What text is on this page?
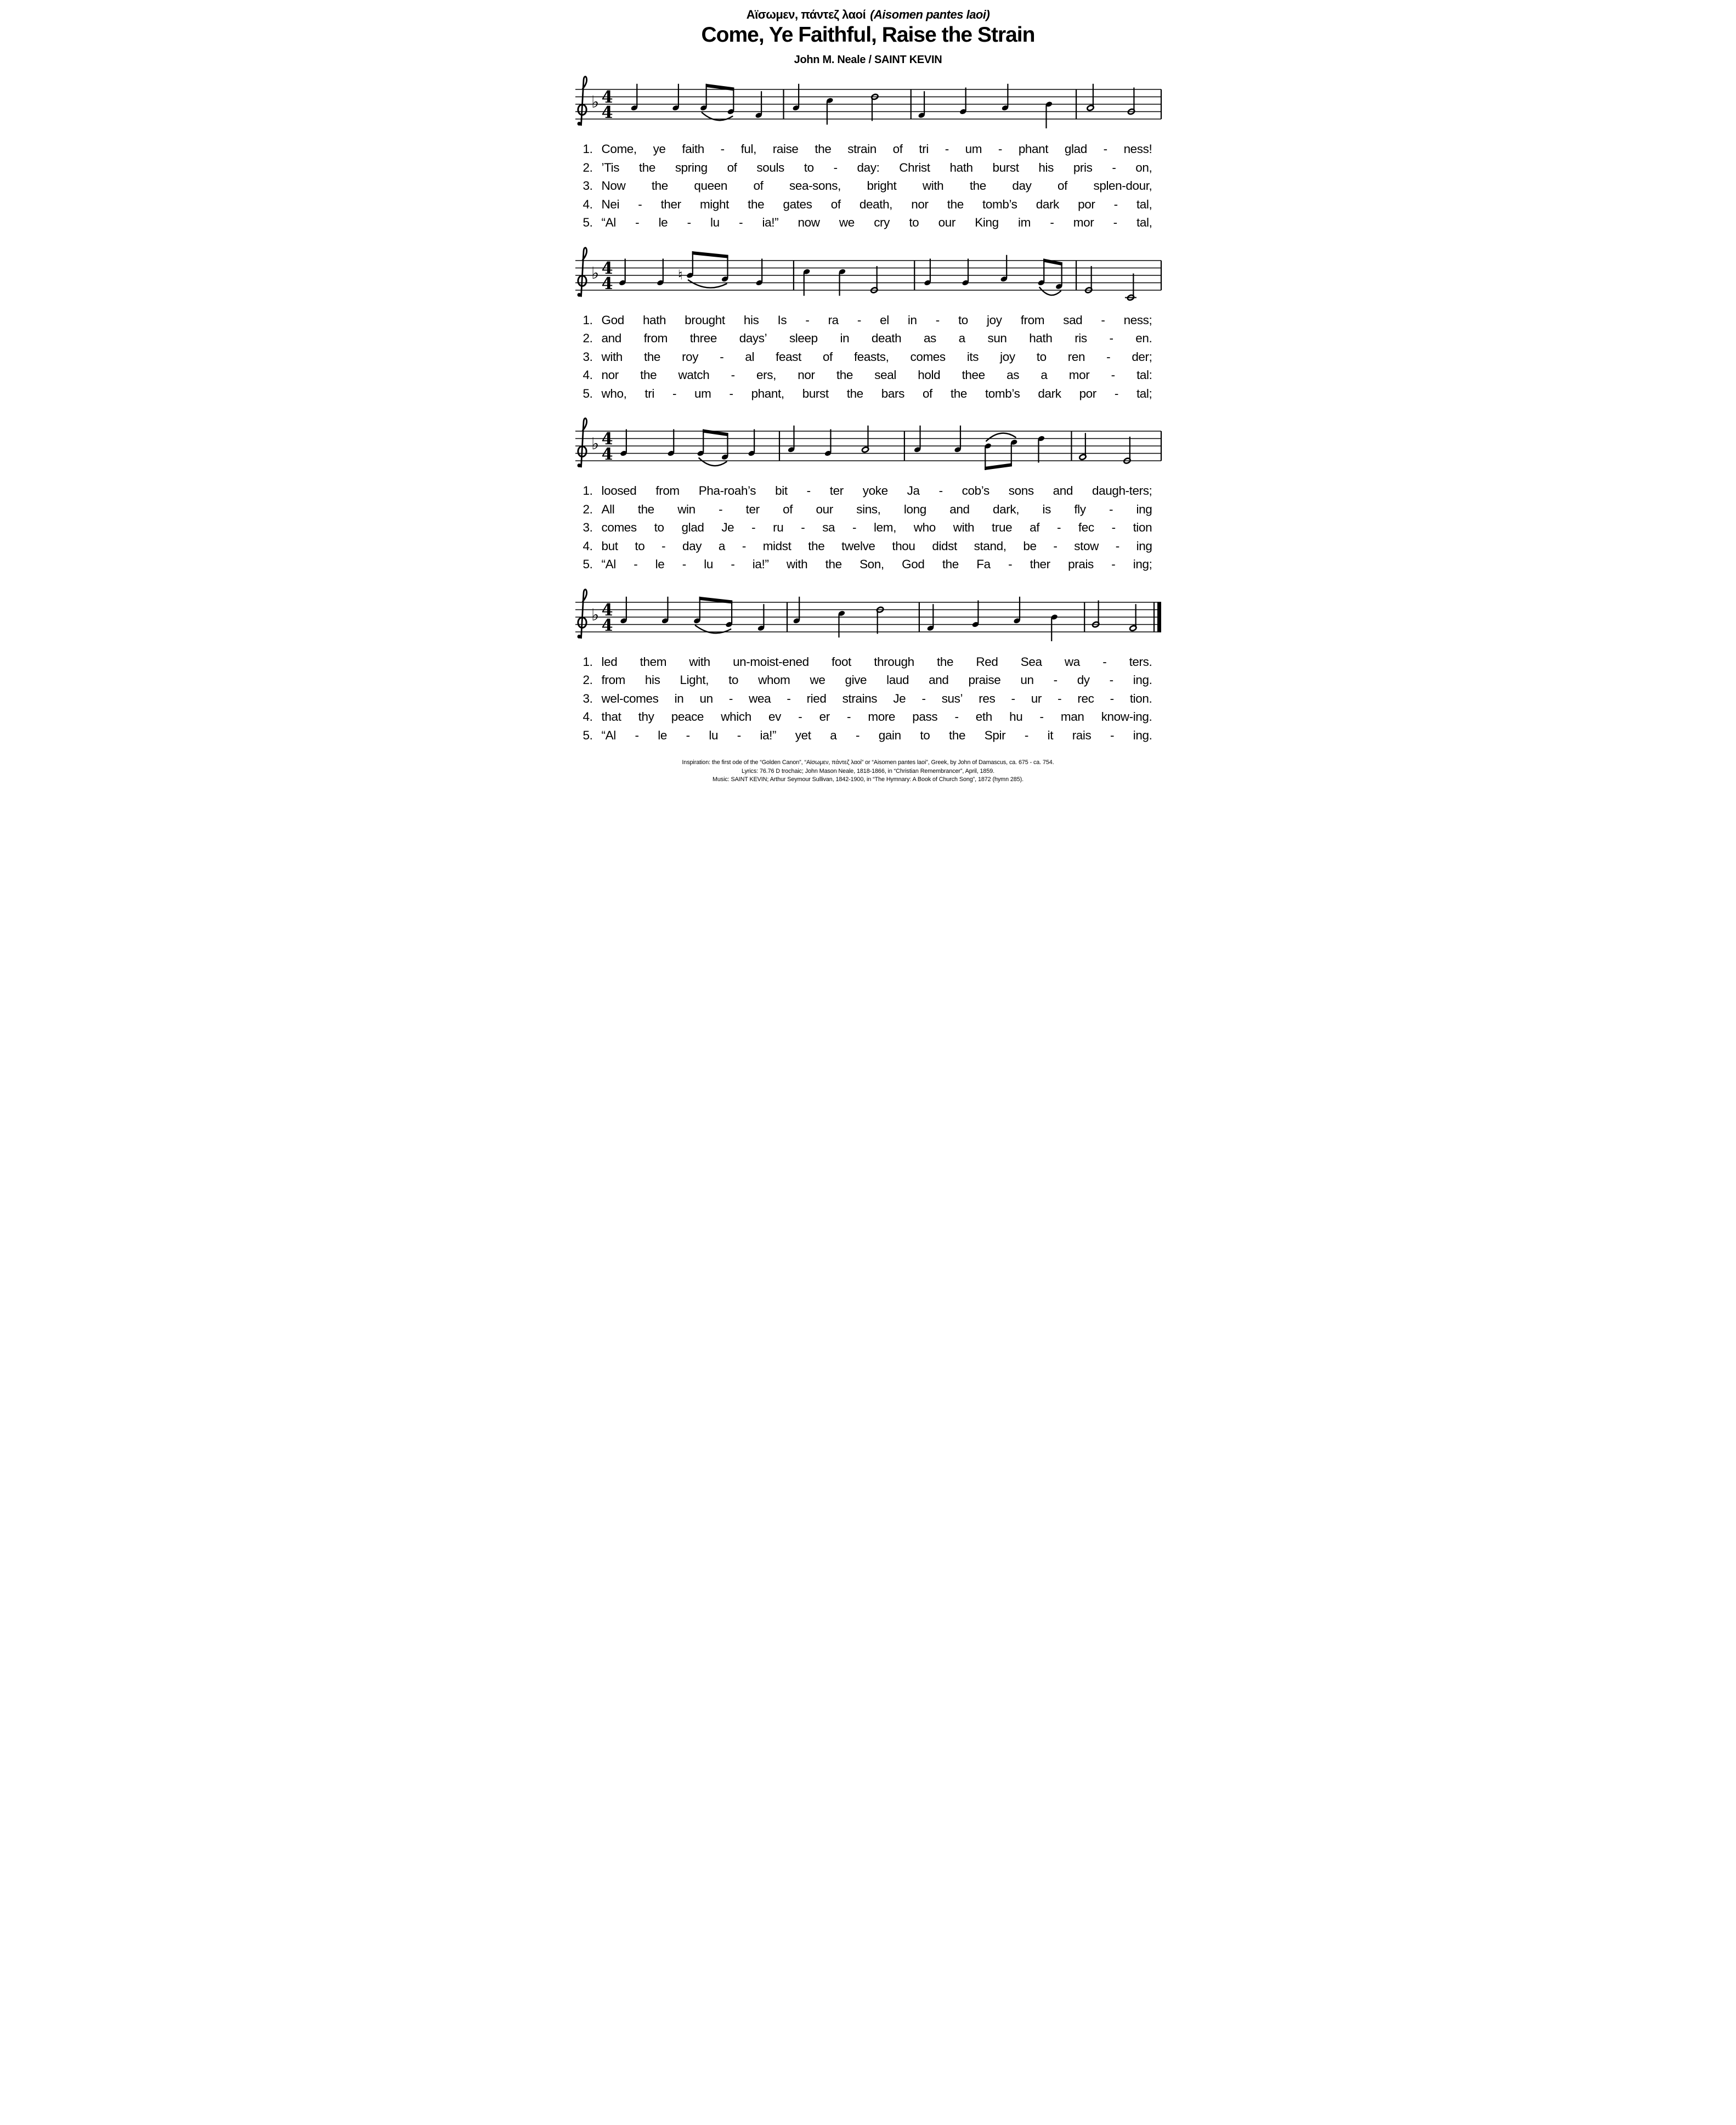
Αϊσωμεν, πάντεζ λαοί (Aisomen pantes laoi)
Come, Ye Faithful, Raise the Strain
John M. Neale / SAINT KEVIN
♭ 4
4
1. Come, ye faith - ful, raise the strain of tri - um - phant glad - ness!
2. ’Tis the spring of souls to - day: Christ hath burst his pris - on,
3. Now the queen of sea-sons, bright with the day of splen-dour,
4. Nei - ther might the gates of death, nor the tomb’s dark por - tal,
5. “Al - le - lu - ia!” now we cry to our King im - mor - tal,
♭ 4
4	♮
1. God hath brought his Is - ra - el in - to joy from sad - ness;
2. and from three days’ sleep in death as a sun hath ris - en.
3. with the roy - al feast of feasts, comes its joy to ren - der;
4. nor the watch - ers, nor the seal hold thee as a mor - tal:
5. who, tri - um - phant, burst the bars of the tomb’s dark por - tal;
♭ 4
4
1. loosed from Pha-roah’s bit - ter yoke Ja - cob’s sons and daugh-ters;
2. All the win - ter of our sins, long and dark, is fly - ing
3. comes to glad Je - ru - sa - lem, who with true af - fec - tion
4. but to - day a - midst the twelve thou didst stand, be - stow - ing
5. “Al - le - lu - ia!” with the Son, God the Fa - ther prais - ing;
♭ 4
4
1. led them with un-moist-ened foot through the Red Sea wa - ters.
2. from his Light, to whom we give laud and praise un - dy - ing.
3. wel-comes in un - wea - ried strains Je - sus’ res - ur - rec - tion.
4. that thy peace which ev - er - more pass - eth hu - man know-ing.
5. “Al - le - lu - ia!” yet a - gain to the Spir - it rais - ing.
Inspiration: the first ode of the “Golden Canon”, “Αϊσωμεν, πάντεζ λαοί” or “Aisomen pantes laoi”, Greek, by John of Damascus, ca. 675 - ca. 754.
Lyrics: 76.76 D trochaic; John Mason Neale, 1818-1866, in “Christian Remembrancer”, April, 1859.
Music: SAINT KEVIN; Arthur Seymour Sullivan, 1842-1900, in “The Hymnary: A Book of Church Song”, 1872 (hymn 285).
